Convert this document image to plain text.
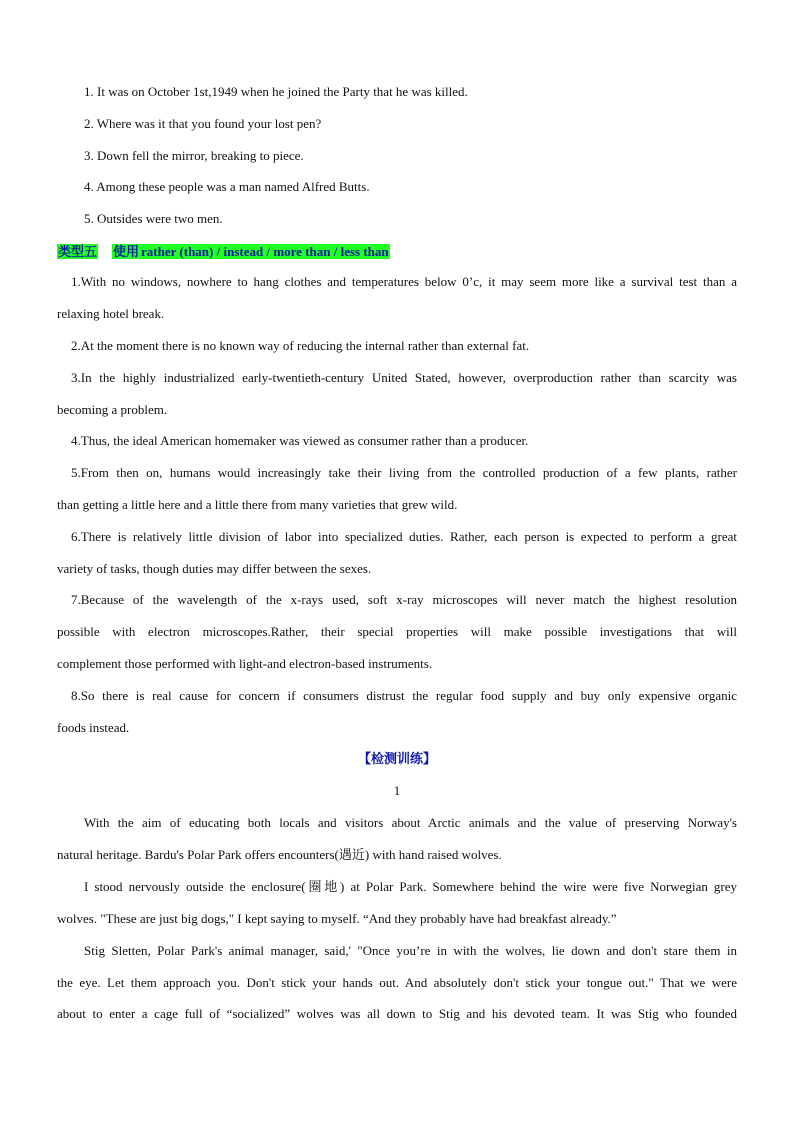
1. It was on October 1st,1949 when he joined the Party that he was killed.
2. Where was it that you found your lost pen?
3. Down fell the mirror, breaking to piece.
4. Among these people was a man named Alfred Butts.
5. Outsides were two men.
类型五 使用 rather (than) / instead / more than / less than
1.With no windows, nowhere to hang clothes and temperatures below 0’c, it may seem more like a survival test than a
relaxing hotel break.
2.At the moment there is no known way of reducing the internal rather than external fat.
3.In the highly industrialized early-twentieth-century United Stated, however, overproduction rather than scarcity was
becoming a problem.
4.Thus, the ideal American homemaker was viewed as consumer rather than a producer.
5.From then on, humans would increasingly take their living from the controlled production of a few plants, rather
than getting a little here and a little there from many varieties that grew wild.
6.There is relatively little division of labor into specialized duties. Rather, each person is expected to perform a great
variety of tasks, though duties may differ between the sexes.
7.Because of the wavelength of the x-rays used, soft x-ray microscopes will never match the highest resolution
possible with electron microscopes.Rather, their special properties will make possible investigations that will
complement those performed with light-and electron-based instruments.
8.So there is real cause for concern if consumers distrust the regular food supply and buy only expensive organic
foods instead.
【检测训练】
1
With the aim of educating both locals and visitors about Arctic animals and the value of preserving Norway's
natural heritage. Bardu's Polar Park offers encounters(遇近) with hand raised wolves.
I stood nervously outside the enclosure(圈地) at Polar Park. Somewhere behind the wire were five Norwegian grey
wolves. "These are just big dogs," I kept saying to myself. “And they probably have had breakfast already.”
Stig Sletten, Polar Park's animal manager, said,' "Once you’re in with the wolves, lie down and don't stare them in
the eye. Let them approach you. Don't stick your hands out. And absolutely don't stick your tongue out." That we were
about to enter a cage full of “socialized” wolves was all down to Stig and his devoted team. It was Stig who founded
